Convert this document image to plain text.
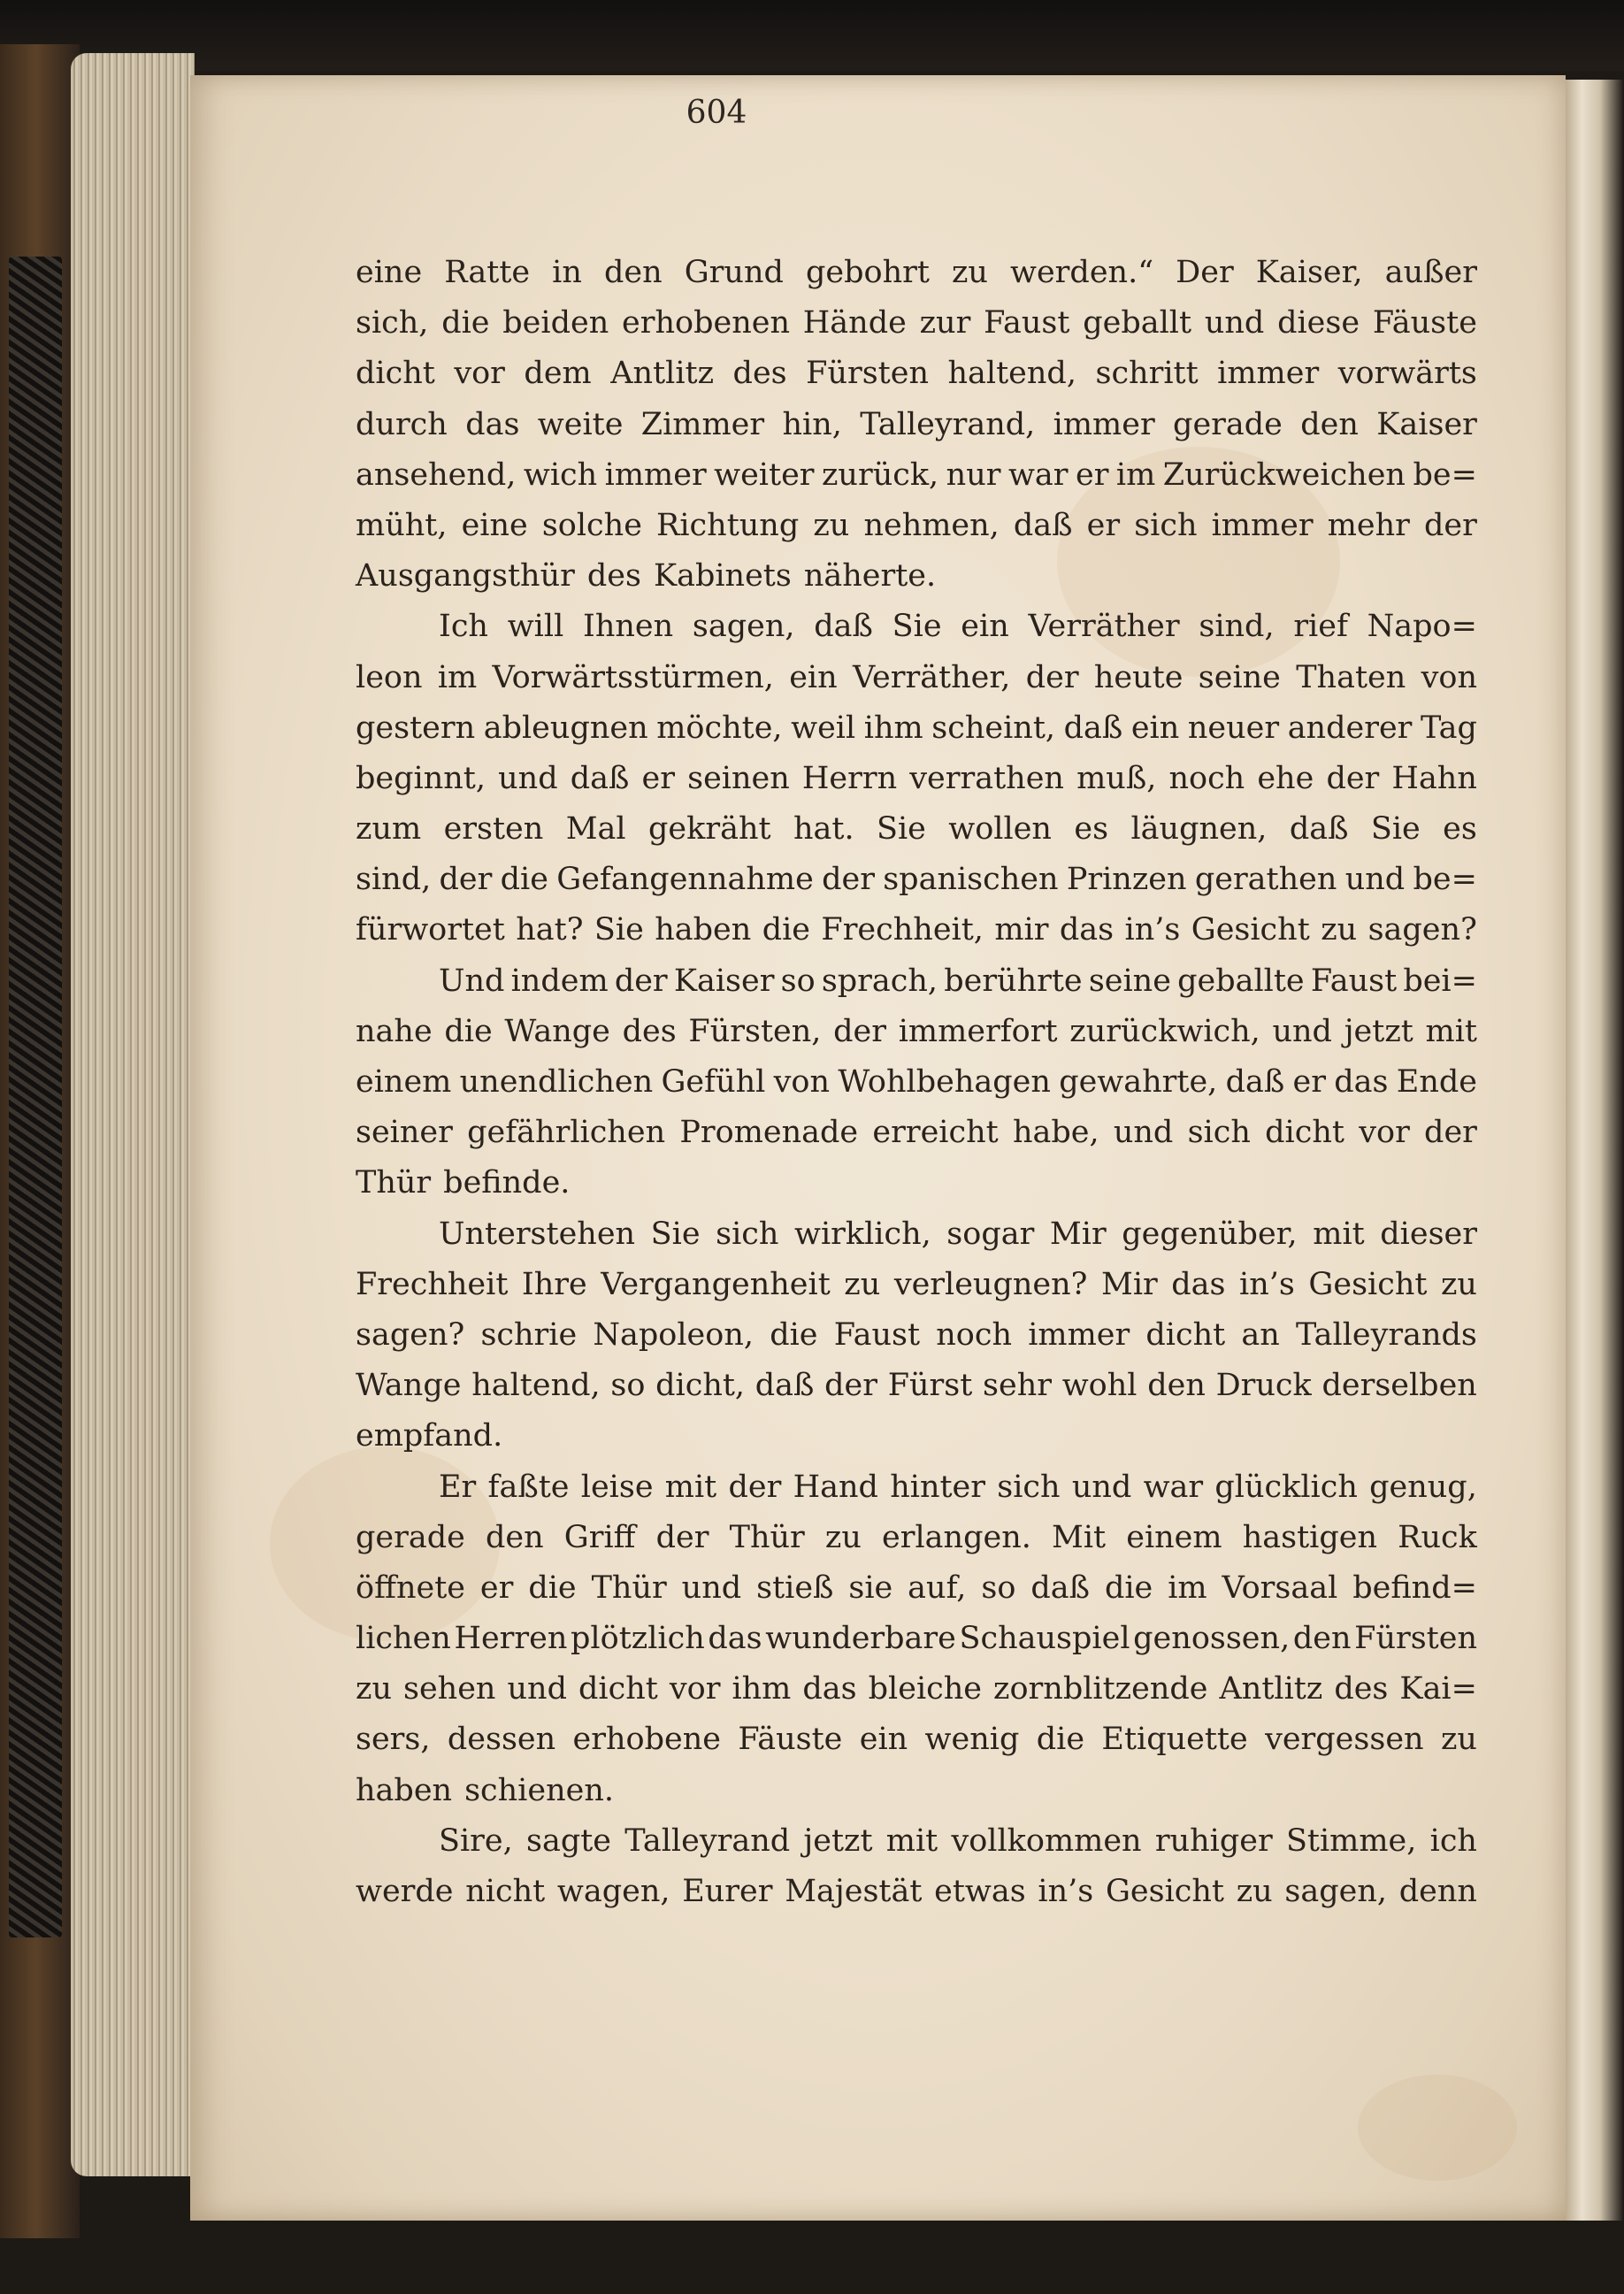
604
eine Ratte in den Grund gebohrt zu werden.“ Der Kaiser, außer
sich, die beiden erhobenen Hände zur Faust geballt und diese Fäuste
dicht vor dem Antlitz des Fürsten haltend, schritt immer vorwärts
durch das weite Zimmer hin, Talleyrand, immer gerade den Kaiser
ansehend, wich immer weiter zurück, nur war er im Zurückweichen be=
müht, eine solche Richtung zu nehmen, daß er sich immer mehr der
Ausgangsthür des Kabinets näherte.
Ich will Ihnen sagen, daß Sie ein Verräther sind, rief Napo=
leon im Vorwärtsstürmen, ein Verräther, der heute seine Thaten von
gestern ableugnen möchte, weil ihm scheint, daß ein neuer anderer Tag
beginnt, und daß er seinen Herrn verrathen muß, noch ehe der Hahn
zum ersten Mal gekräht hat. Sie wollen es läugnen, daß Sie es
sind, der die Gefangennahme der spanischen Prinzen gerathen und be=
fürwortet hat? Sie haben die Frechheit, mir das in’s Gesicht zu sagen?
Und indem der Kaiser so sprach, berührte seine geballte Faust bei=
nahe die Wange des Fürsten, der immerfort zurückwich, und jetzt mit
einem unendlichen Gefühl von Wohlbehagen gewahrte, daß er das Ende
seiner gefährlichen Promenade erreicht habe, und sich dicht vor der
Thür befinde.
Unterstehen Sie sich wirklich, sogar Mir gegenüber, mit dieser
Frechheit Ihre Vergangenheit zu verleugnen? Mir das in’s Gesicht zu
sagen? schrie Napoleon, die Faust noch immer dicht an Talleyrands
Wange haltend, so dicht, daß der Fürst sehr wohl den Druck derselben
empfand.
Er faßte leise mit der Hand hinter sich und war glücklich genug,
gerade den Griff der Thür zu erlangen. Mit einem hastigen Ruck
öffnete er die Thür und stieß sie auf, so daß die im Vorsaal befind=
lichen Herren plötzlich das wunderbare Schauspiel genossen, den Fürsten
zu sehen und dicht vor ihm das bleiche zornblitzende Antlitz des Kai=
sers, dessen erhobene Fäuste ein wenig die Etiquette vergessen zu
haben schienen.
Sire, sagte Talleyrand jetzt mit vollkommen ruhiger Stimme, ich
werde nicht wagen, Eurer Majestät etwas in’s Gesicht zu sagen, denn
